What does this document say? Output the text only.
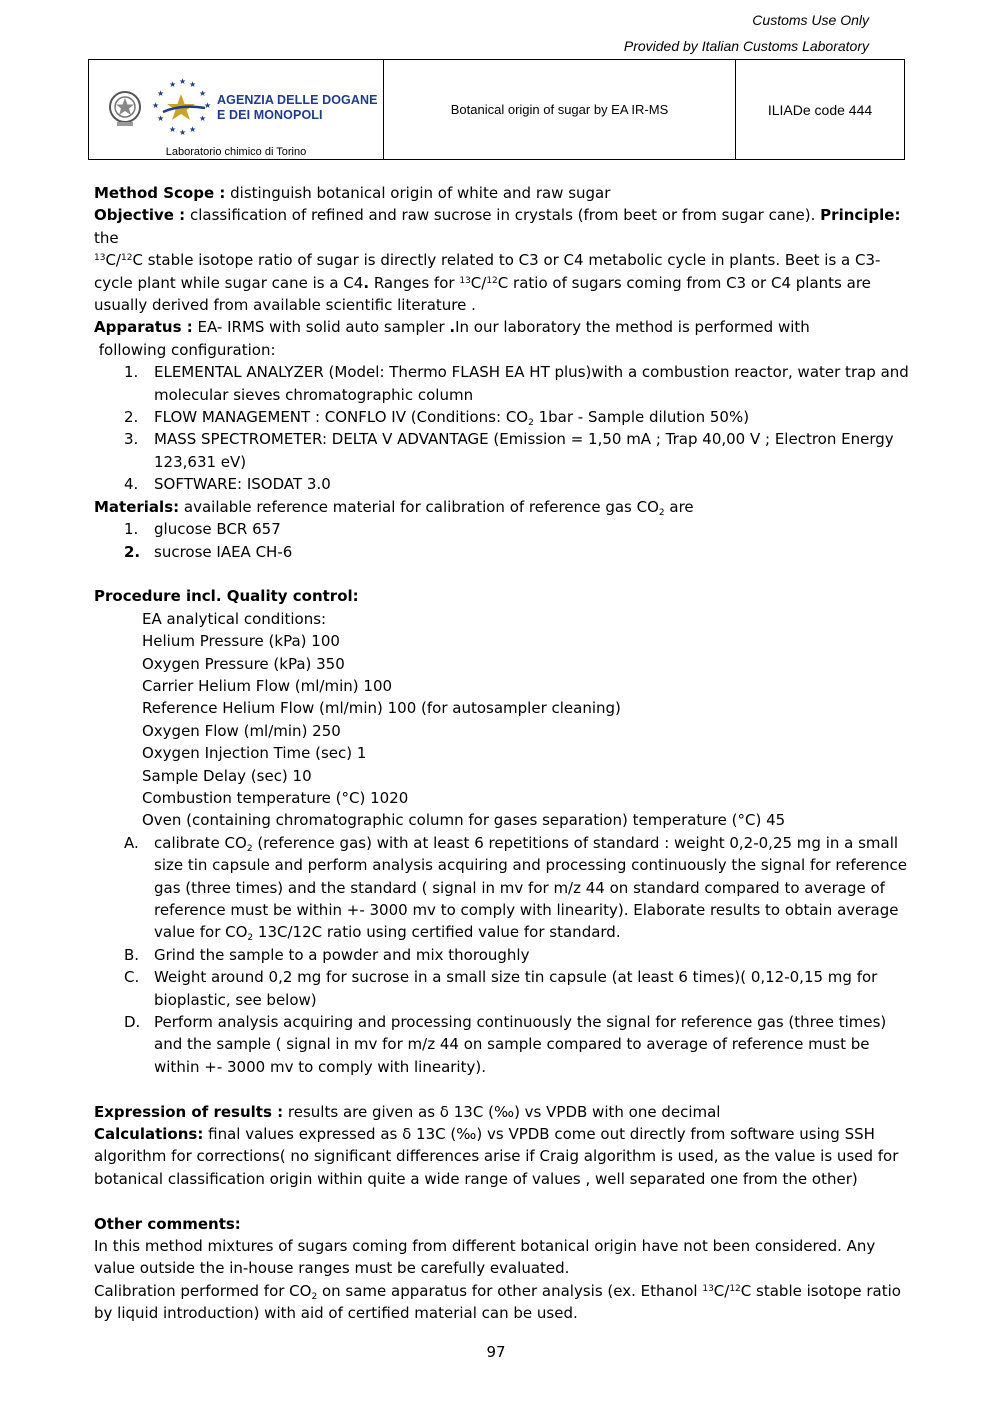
Customs Use Only
Provided by Italian Customs Laboratory
★ ★ ★
★	★
★	★
★	★
★ ★ ★
AGENZIA DELLE DOGANE
E DEI MONOPOLI
Laboratorio chimico di Torino
	Botanical origin of sugar by EA IR-MS	ILIADe code 444

Method Scope : distinguish botanical origin of white and raw sugar

Objective : classification of refined and raw sucrose in crystals (from beet or from sugar cane). Principle: the
$^{13}$C/$^{12}$C stable isotope ratio of sugar is directly related to C3 or C4 metabolic cycle in plants. Beet is a C3-cycle plant while sugar cane is a C4. Ranges for $^{13}$C/$^{12}$C ratio of sugars coming from C3 or C4 plants are usually derived from available scientific literature .

Apparatus : EA- IRMS with solid auto sampler .In our laboratory the method is performed with
following configuration:

1. ELEMENTAL ANALYZER (Model: Thermo FLASH EA HT plus)with a combustion reactor, water trap and molecular sieves chromatographic column
2. FLOW MANAGEMENT : CONFLO IV (Conditions: $CO_2$ 1bar - Sample dilution 50%)
3. MASS SPECTROMETER: DELTA V ADVANTAGE (Emission = 1,50 mA ; Trap 40,00 V ; Electron Energy 123,631 eV)
4. SOFTWARE: ISODAT 3.0

Materials: available reference material for calibration of reference gas $CO_2$ are

1. glucose BCR 657
2. sucrose IAEA CH-6

Procedure incl. Quality control:

EA analytical conditions:

Helium Pressure (kPa) 100

Oxygen Pressure (kPa) 350

Carrier Helium Flow (ml/min) 100

Reference Helium Flow (ml/min) 100 (for autosampler cleaning)

Oxygen Flow (ml/min) 250

Oxygen Injection Time (sec) 1

Sample Delay (sec) 10

Combustion temperature (°C) 1020

Oven (containing chromatographic column for gases separation) temperature (°C) 45

A. calibrate $CO_2$ (reference gas) with at least 6 repetitions of standard : weight 0,2-0,25 mg in a small size tin capsule and perform analysis acquiring and processing continuously the signal for reference gas (three times) and the standard ( signal in mv for m/z 44 on standard compared to average of reference must be within +- 3000 mv to comply with linearity). Elaborate results to obtain average value for $CO_2$ 13C/12C ratio using certified value for standard.
B. Grind the sample to a powder and mix thoroughly
C. Weight around 0,2 mg for sucrose in a small size tin capsule (at least 6 times)( 0,12-0,15 mg for bioplastic, see below)
D. Perform analysis acquiring and processing continuously the signal for reference gas (three times) and the sample ( signal in mv for m/z 44 on sample compared to average of reference must be within +- 3000 mv to comply with linearity).

Expression of results : results are given as δ 13C (‰) vs VPDB with one decimal

Calculations: final values expressed as δ 13C (‰) vs VPDB come out directly from software using SSH algorithm for corrections( no significant differences arise if Craig algorithm is used, as the value is used for botanical classification origin within quite a wide range of values , well separated one from the other)

Other comments:

In this method mixtures of sugars coming from different botanical origin have not been considered. Any value outside the in-house ranges must be carefully evaluated.

Calibration performed for $CO_2$ on same apparatus for other analysis (ex. Ethanol $^{13}$C/$^{12}$C stable isotope ratio by liquid introduction) with aid of certified material can be used.

97
